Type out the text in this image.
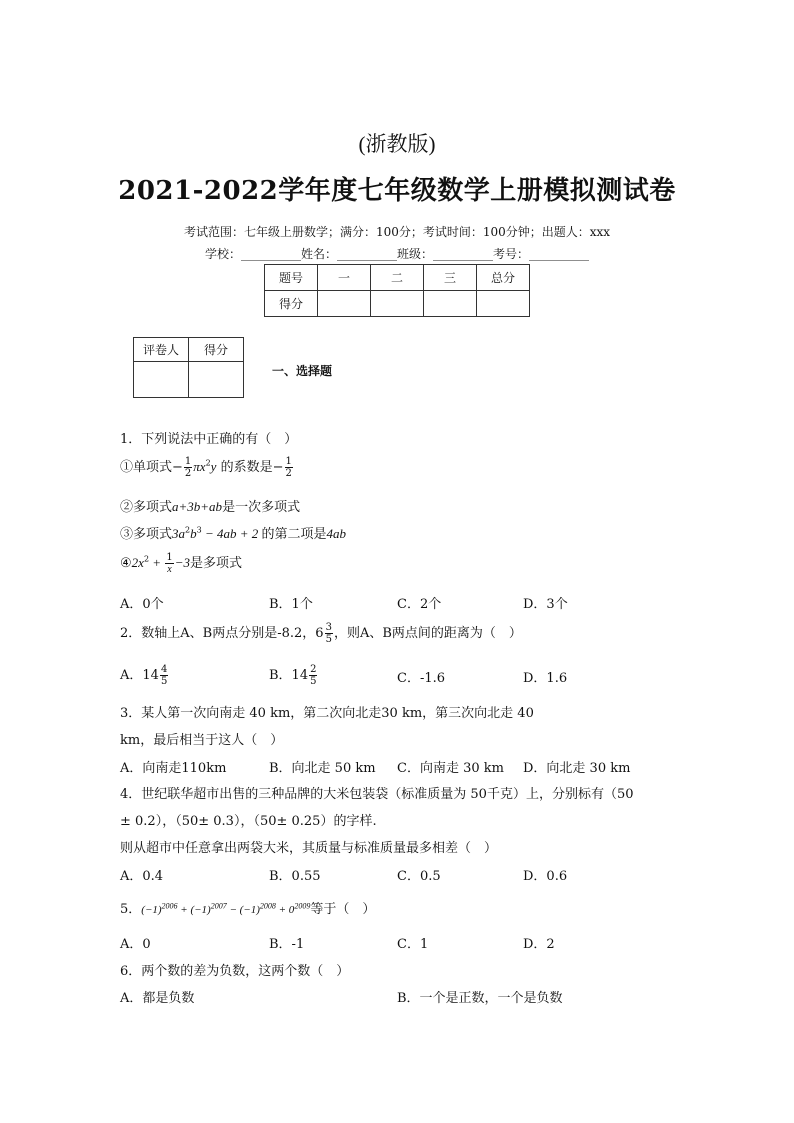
(浙教版)
2021-2022学年度七年级数学上册模拟测试卷
考试范围：七年级上册数学；满分：100分；考试时间：100分钟；出题人：xxx
学校：__________姓名：__________班级：__________考号：__________
题号	一	二	三	总分
得分				
评卷人	得分

一、选择题
1．下列说法中正确的有（　）
①单项式− $\frac{1}{2} \pi x^2y$ 的系数是− $\frac{1}{2}$
②多项式a+3b+ab是一次多项式
③多项式$3a^2b^3 - 4ab + 2$ 的第二项是4ab
$④2x^2 + \frac{1}{x} -3$是多项式
A．0个	B．1个	C．2个	D．3个
2．数轴上A、B两点分别是-8.2，$6 \frac{3}{5}$ ，则A、B两点间的距离为（　）
A．$14 \frac{4}{5}$	B．$14 \frac{2}{5}$	C．-1.6	D．1.6
3．某人第一次向南走 40 km，第二次向北走30 km，第三次向北走 40
km，最后相当于这人（　）
A．向南走110km	B．向北走 50 km C．向南走 30 km D．向北走 30 km
4．世纪联华超市出售的三种品牌的大米包装袋（标准质量为 50千克）上，分别标有（50
± 0.2），（50± 0.3），（50± 0.25）的字样.
则从超市中任意拿出两袋大米，其质量与标准质量最多相差（　）
A．0.4	B．0.55	C．0.5	D．0.6
5．$(-1)^{2006} + (-1)^{2007} - (-1)^{2008} + 0^{2009}$等于（　）
A．0	B．-1	C．1	D．2
6．两个数的差为负数，这两个数（　）
A．都是负数	B．一个是正数，一个是负数
